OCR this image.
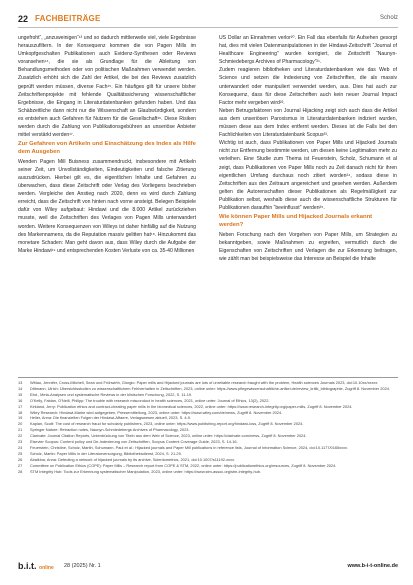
22 FACHBEITRÄGE	Scholz

ungefroht“, „anzuweinigen“¹³ und so dadurch mittlerweile viel, viele Ergebnisse herauszufiltern. In der Konsequenz kommen die von Pagen Mills im Umkopfgeschalten Publikationen auch Evidenz-Synthesen oder Reviews voransehen¹⁴, die sie als Grundlage für die Ableitung von Behandlungsmethoden oder von politischen Maßnahmen verwendet werden. Zusatzlich erhöht sich die Zahl der Artikel, die bei des Reviews zusatzlich geprüft werden müssen, diverse Fach¹⁵. Ein häufiges gilt für unsere bisher Zeitschriftenprojekte mit fehlende Qualitätssicherung wissenschaftlicher Ergebnisse, die Eingang in Literaturdatenbanken gefunden haben. Und das Schäbzeitliche dann nicht nur die Wissenschaft an Glaubwürdigkeit, sondern es entstehen auch Gefahren für Nutzern für die Gesellschaft¹⁶. Diese Risiken werden durch die Zahlung von Publikationsgebühren an unseriöse Anbieter mittel verstärkt werden¹⁷.

Zur Gefahren von Artikeln und Einschätzung des Index als Hilfe dem Ausgeben

Wenden Pagen Mill Buisness zusammendruckt, insbesondere mit Artikeln seiner Zeit, um Unvollständigkeiten, Eindeutigkeiten und falsche Zitierung auszudrücken. Hierbei gilt es, die eigentlichen Inhalte und Gefahren zu überwachen, dass diese Zeitschrift oder Verlag des Vorliegens beschrieben werden. Vergleiche den Anstieg nach 2020, denn es wird durch Zahlung erreicht, dass die Zeitschrift von hinten nach vorne ansteigt. Belegen Beispiele dafür von Wiley aufgebaut: Hindawi und die 8.000 Artikel zurückziehen musste, weil die Zeitschriften des Verlages von Pagen Mills unterwandert worden. Weitere Konsequenzen von Wileys ist daher hinfällig auf die Nutzung des Markennamens, da die Reputation massiv gelitten hat¹⁸. Hinzukommt das monetare Schaden: Man geht davon aus, dass Wiley durch die Aufgabe der Marke Hindawi¹⁹ und entsprechenden Kosten Verluste von ca. 35-40 Millionen

US Dollar an Einnahmen verlor²⁰. Ein Fall das ebenfalls für Aufsehen gesorgt hat, dies mit vielen Datenmanipulationen in der Hindawi-Zeitschrift “Journal of Healthcare Engineering” wurden korrigiert, die Zeitschrift “Naunyn-Schmiedebergs Archives of Pharmacology”²¹.

Zudem reagieren bibliotheken und Literaturdatenbanken wie das Web of Science und setzen die Indexierung von Zeitschriften, die als massiv unterwandert oder manipuliert verwendet werden, aus. Dies hat auch zur Konsequenz, dass für diese Zeitschriften auch kein neuer Journal Impact Factor mehr vergeben wird²².

Neben Betrugsfaktoren von Journal Hijacking zeigt sich auch dass die Artikel aus dem unseriösen Paroxismus in Literaturdatenbanken indiziert wurden, müssen diese aus dem Index entfernt werden. Dieses ist die Falls bei den Fachlichkeiten von Literaturdatenbank Scopus²³.

Wichtig ist auch, dass Publikationen von Paper Mills und Hijacked Journals nicht zur Entfernung bestimmte werden, um diesen keine Legitimation mehr zu verleihen. Eine Studie zum Thema ist Feuerstein, Scholz, Schumann et al zeigt, dass Publikationen von Paper Mills noch zu Zeit danach nicht für ihren eigentlichen Umfang durchaus noch zitiert worden²⁴, sodass diese in Zeitschriften aus den Zeitraum angereichert und gesehen werden. Außerdem gelten die Autorenschaften dieser Publikationen als Regelmäßigkeit zur Publikation selbst, weshalb diese auch die wissenschaftliche Strukturen für Publikationen daraufhin “beeinflusst” werden²⁵.

Wie können Paper Mills und Hijacked Journals erkannt werden?

Neben Forschung nach den Vorgehen von Paper Mills, um Strategien zu bekanntgeben, sowie Maßnahmen zu ergreifen, vermutlich durch die Eigenschaften von Zeitschriften und Verlagen die zur Erkennung beitragen, wie zählt man bei beispielsweise das Interesse an Beispiel die Inhalte

13	Wittau, Jennifer, Cross-Mitchell, Sean und Frühwirth, Giorgio: Paper mills and Hijacked journals are lots of unreliable research fraught with the problem, Health sciences Journals 2023, doi:10.10xx/xxxxx.
14	Dittmann, Ulrich: Übersichtsstudien zu wissenschaftlichem Fehlverhalten in Zeitschriften, 2023, online unter: https://www.pflegewissenschaftliche-artikel.de/review_kritik_bibliographie, Zugriff 8. November 2024.
15	Ebd., Meta-Analysen und systematische Reviews in der klinischen Forschung, 2022, S. 11-19.
16	O'Kelly, Fabian, O'Neill, Philipp: The trouble with research misconduct in health sciences, 2021, online unter: Journal of Ethics, 13(2), 2022.
17	Kirkland, Jerry: Publication ethics and contract-cheating paper mills in the biomedical sciences, 2022, online unter: https://www.research-integrity.org/paper-mills, Zugriff 8. November 2024.
18	Wiley Research: Hindawi-Marke wird aufgegeben, Pressemitteilung, 2023, online unter: https://www.wiley.com/de/news, Zugriff 8. November 2024.
19	Heller, Anna: Die finanziellen Folgen der Hindawi-Affaere, Verlagswesen aktuell, 2023, S. 4-9.
20	Kaplan, Scott: The cost of research fraud for scholarly publishers, 2023, online unter: https://www.publishing-report.org/hindawi-loss, Zugriff 8. November 2024.
21	Springer Nature: Retraction notes, Naunyn-Schmiedebergs Archives of Pharmacology, 2023.
22	Clarivate: Journal Citation Reports, Unterdrückung von Titeln aus dem Web of Science, 2023, online unter: https://clarivate.com/news, Zugriff 8. November 2024.
23	Elsevier Scopus: Content policy und De-Indexierung von Zeitschriften, Scopus Content Coverage Guide, 2023, S. 14-16.
24	Feuerstein, Christine, Scholz, Martin, Schumann, Paul et al.: Hijacked journals and Paper Mill publications in reference lists, Journal of Information Science, 2024, doi:10.1177/0165xxxx.
25	Scholz, Martin: Paper Mills in der Literaturversorgung, Bibliotheksdienst, 2024, S. 21-29.
26	Abalkina, Anna: Detecting a network of hijacked journals by its archive, Scientometrics, 2021, doi:10.1007/s11192-xxxx.
27	Committee on Publication Ethics (COPE): Paper Mills – Research report from COPE & STM, 2022, online unter: https://publicationethics.org/resources, Zugriff 8. November 2024.
28	STM Integrity Hub: Tools zur Erkennung systematischer Manipulation, 2023, online unter: https://www.stm-assoc.org/stm-integrity-hub.
b.i.t. online 28 (2025) Nr. 1	www.b-i-t-online.de
